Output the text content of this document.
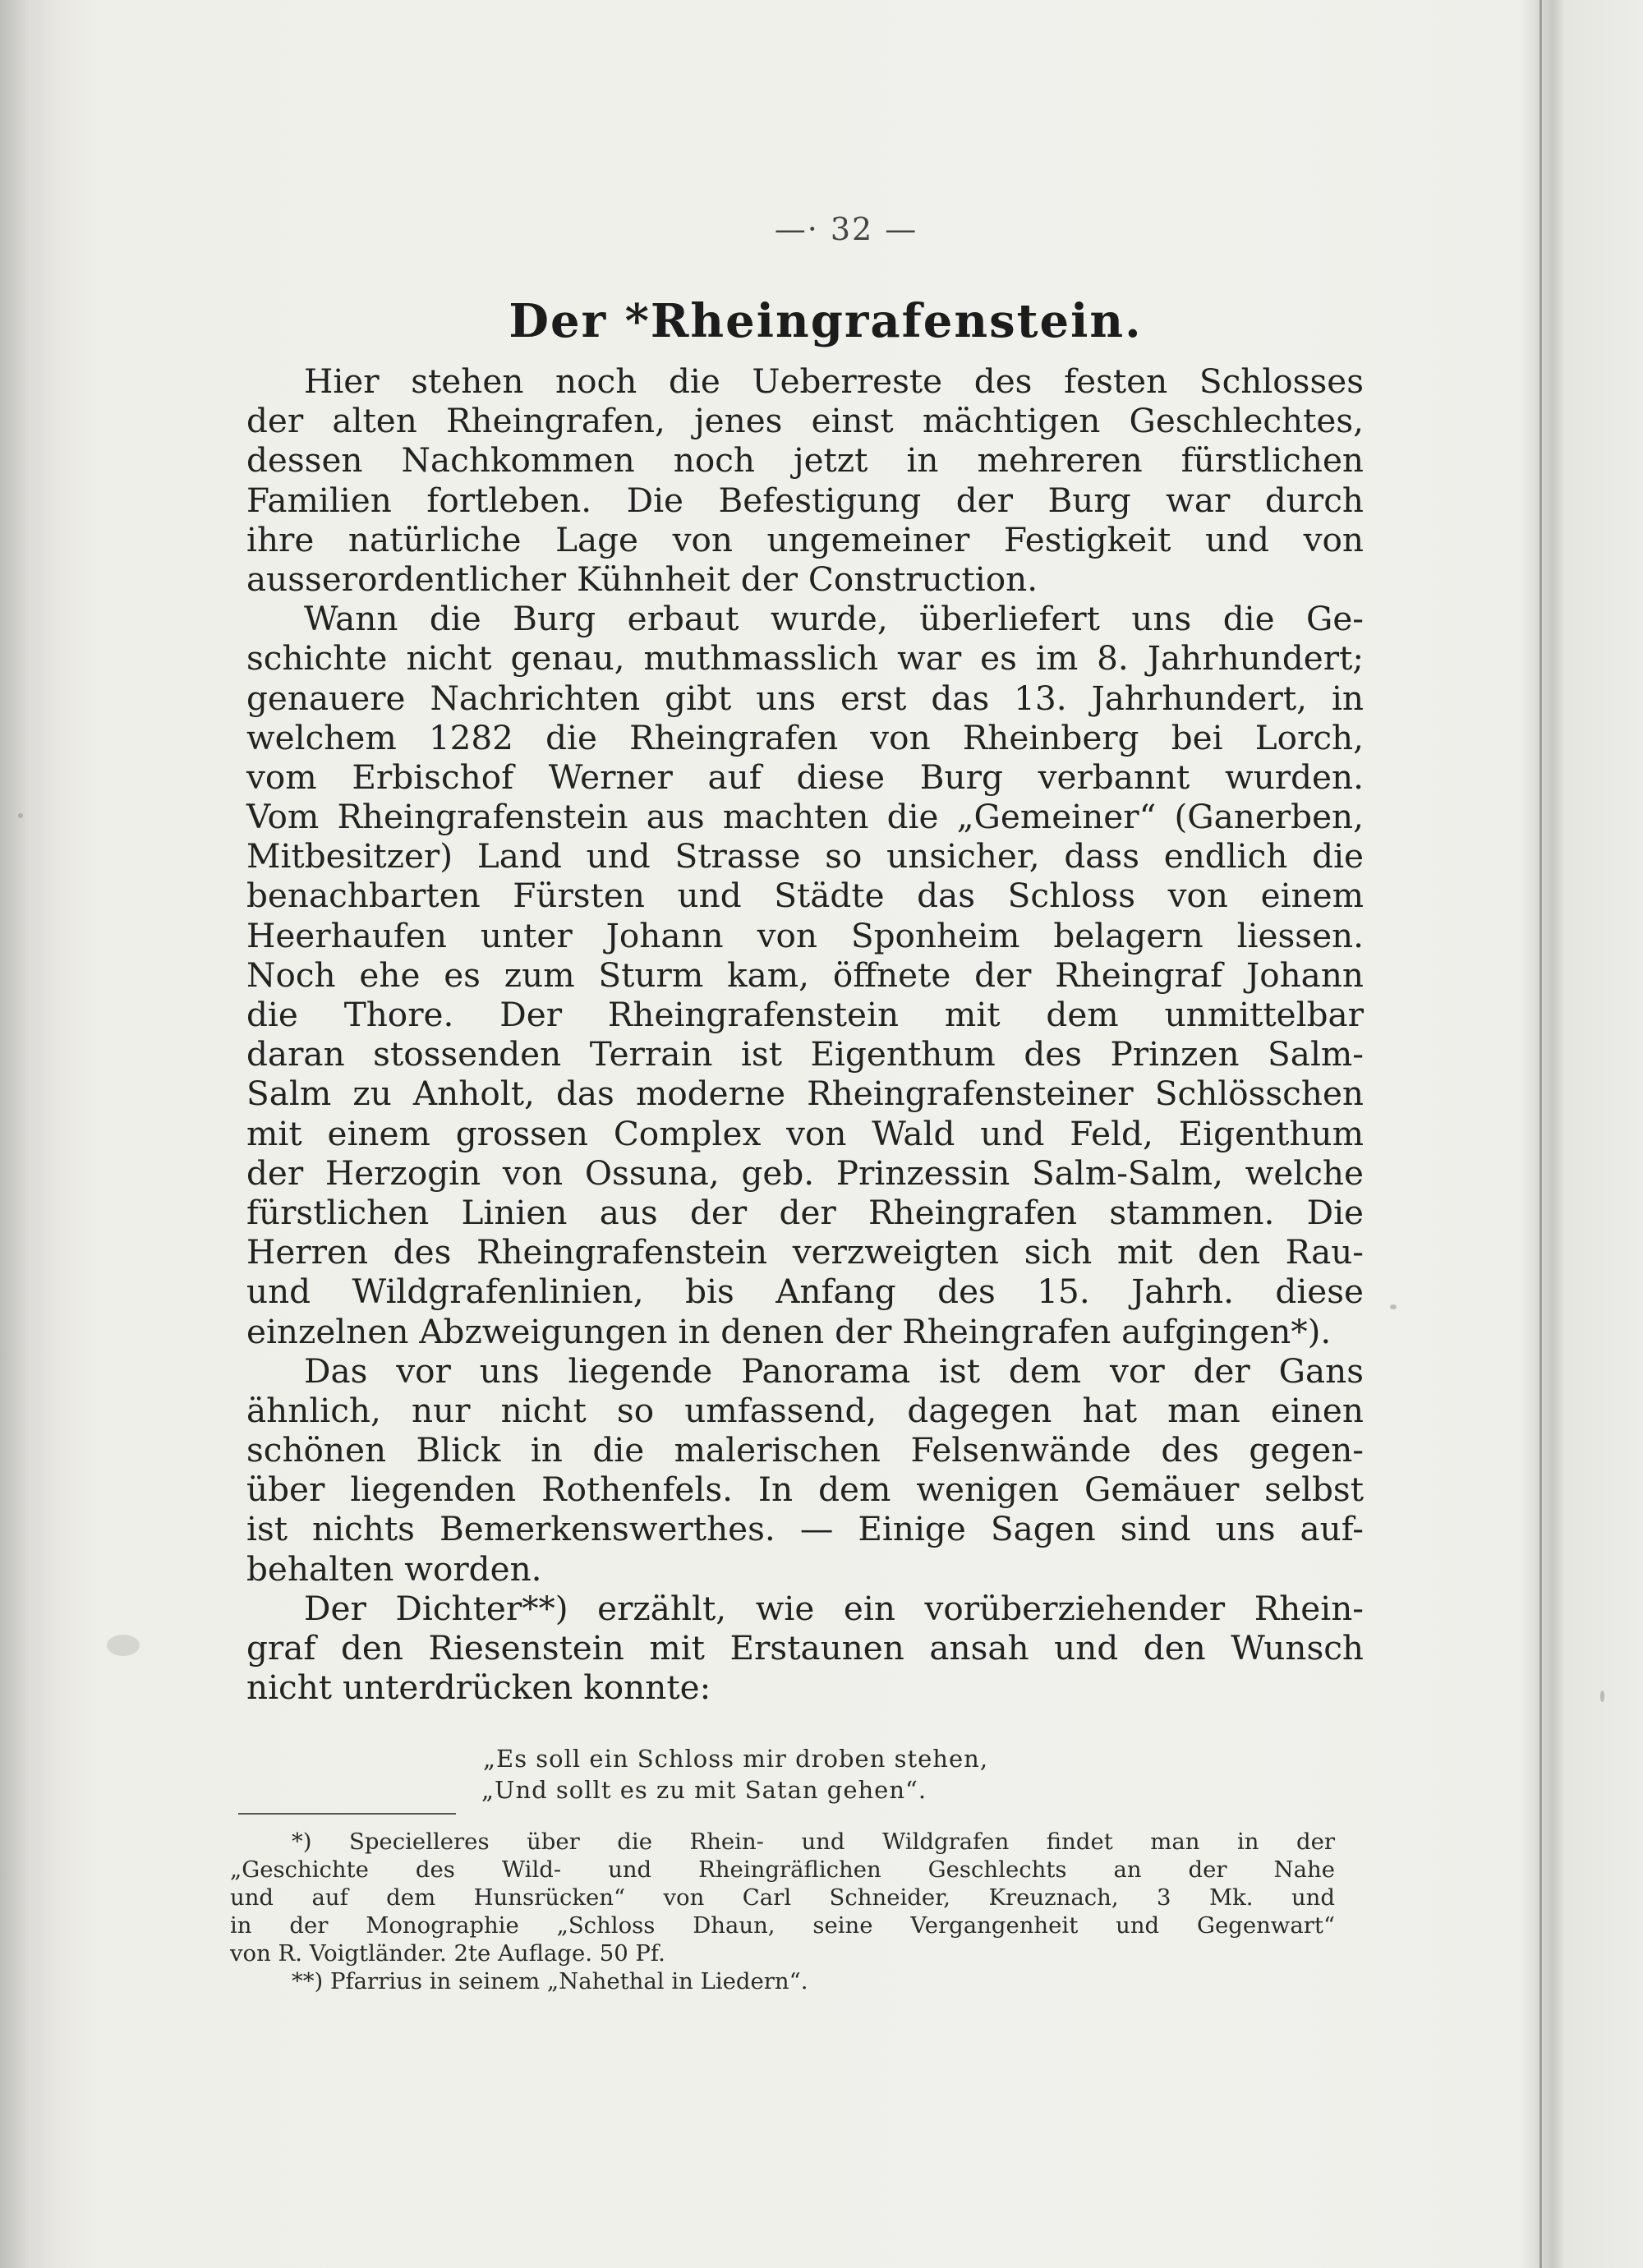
—· 32 —
Der *Rheingrafenstein.
Hier stehen noch die Ueberreste des festen Schlosses
der alten Rheingrafen, jenes einst mächtigen Geschlechtes,
dessen Nachkommen noch jetzt in mehreren fürstlichen
Familien fortleben. Die Befestigung der Burg war durch
ihre natürliche Lage von ungemeiner Festigkeit und von
ausserordentlicher Kühnheit der Construction.
Wann die Burg erbaut wurde, überliefert uns die Ge-
schichte nicht genau, muthmasslich war es im 8. Jahrhundert;
genauere Nachrichten gibt uns erst das 13. Jahrhundert, in
welchem 1282 die Rheingrafen von Rheinberg bei Lorch,
vom Erbischof Werner auf diese Burg verbannt wurden.
Vom Rheingrafenstein aus machten die „Gemeiner“ (Ganerben,
Mitbesitzer) Land und Strasse so unsicher, dass endlich die
benachbarten Fürsten und Städte das Schloss von einem
Heerhaufen unter Johann von Sponheim belagern liessen.
Noch ehe es zum Sturm kam, öffnete der Rheingraf Johann
die Thore. Der Rheingrafenstein mit dem unmittelbar
daran stossenden Terrain ist Eigenthum des Prinzen Salm-
Salm zu Anholt, das moderne Rheingrafensteiner Schlösschen
mit einem grossen Complex von Wald und Feld, Eigenthum
der Herzogin von Ossuna, geb. Prinzessin Salm-Salm, welche
fürstlichen Linien aus der der Rheingrafen stammen. Die
Herren des Rheingrafenstein verzweigten sich mit den Rau-
und Wildgrafenlinien, bis Anfang des 15. Jahrh. diese
einzelnen Abzweigungen in denen der Rheingrafen aufgingen*).
Das vor uns liegende Panorama ist dem vor der Gans
ähnlich, nur nicht so umfassend, dagegen hat man einen
schönen Blick in die malerischen Felsenwände des gegen-
über liegenden Rothenfels. In dem wenigen Gemäuer selbst
ist nichts Bemerkenswerthes. — Einige Sagen sind uns auf-
behalten worden.
Der Dichter**) erzählt, wie ein vorüberziehender Rhein-
graf den Riesenstein mit Erstaunen ansah und den Wunsch
nicht unterdrücken konnte:
„Es soll ein Schloss mir droben stehen,
„Und sollt es zu mit Satan gehen“.
*) Specielleres über die Rhein- und Wildgrafen findet man in der
„Geschichte des Wild- und Rheingräflichen Geschlechts an der Nahe
und auf dem Hunsrücken“ von Carl Schneider, Kreuznach, 3 Mk. und
in der Monographie „Schloss Dhaun, seine Vergangenheit und Gegenwart“
von R. Voigtländer. 2te Auflage. 50 Pf.
**) Pfarrius in seinem „Nahethal in Liedern“.
